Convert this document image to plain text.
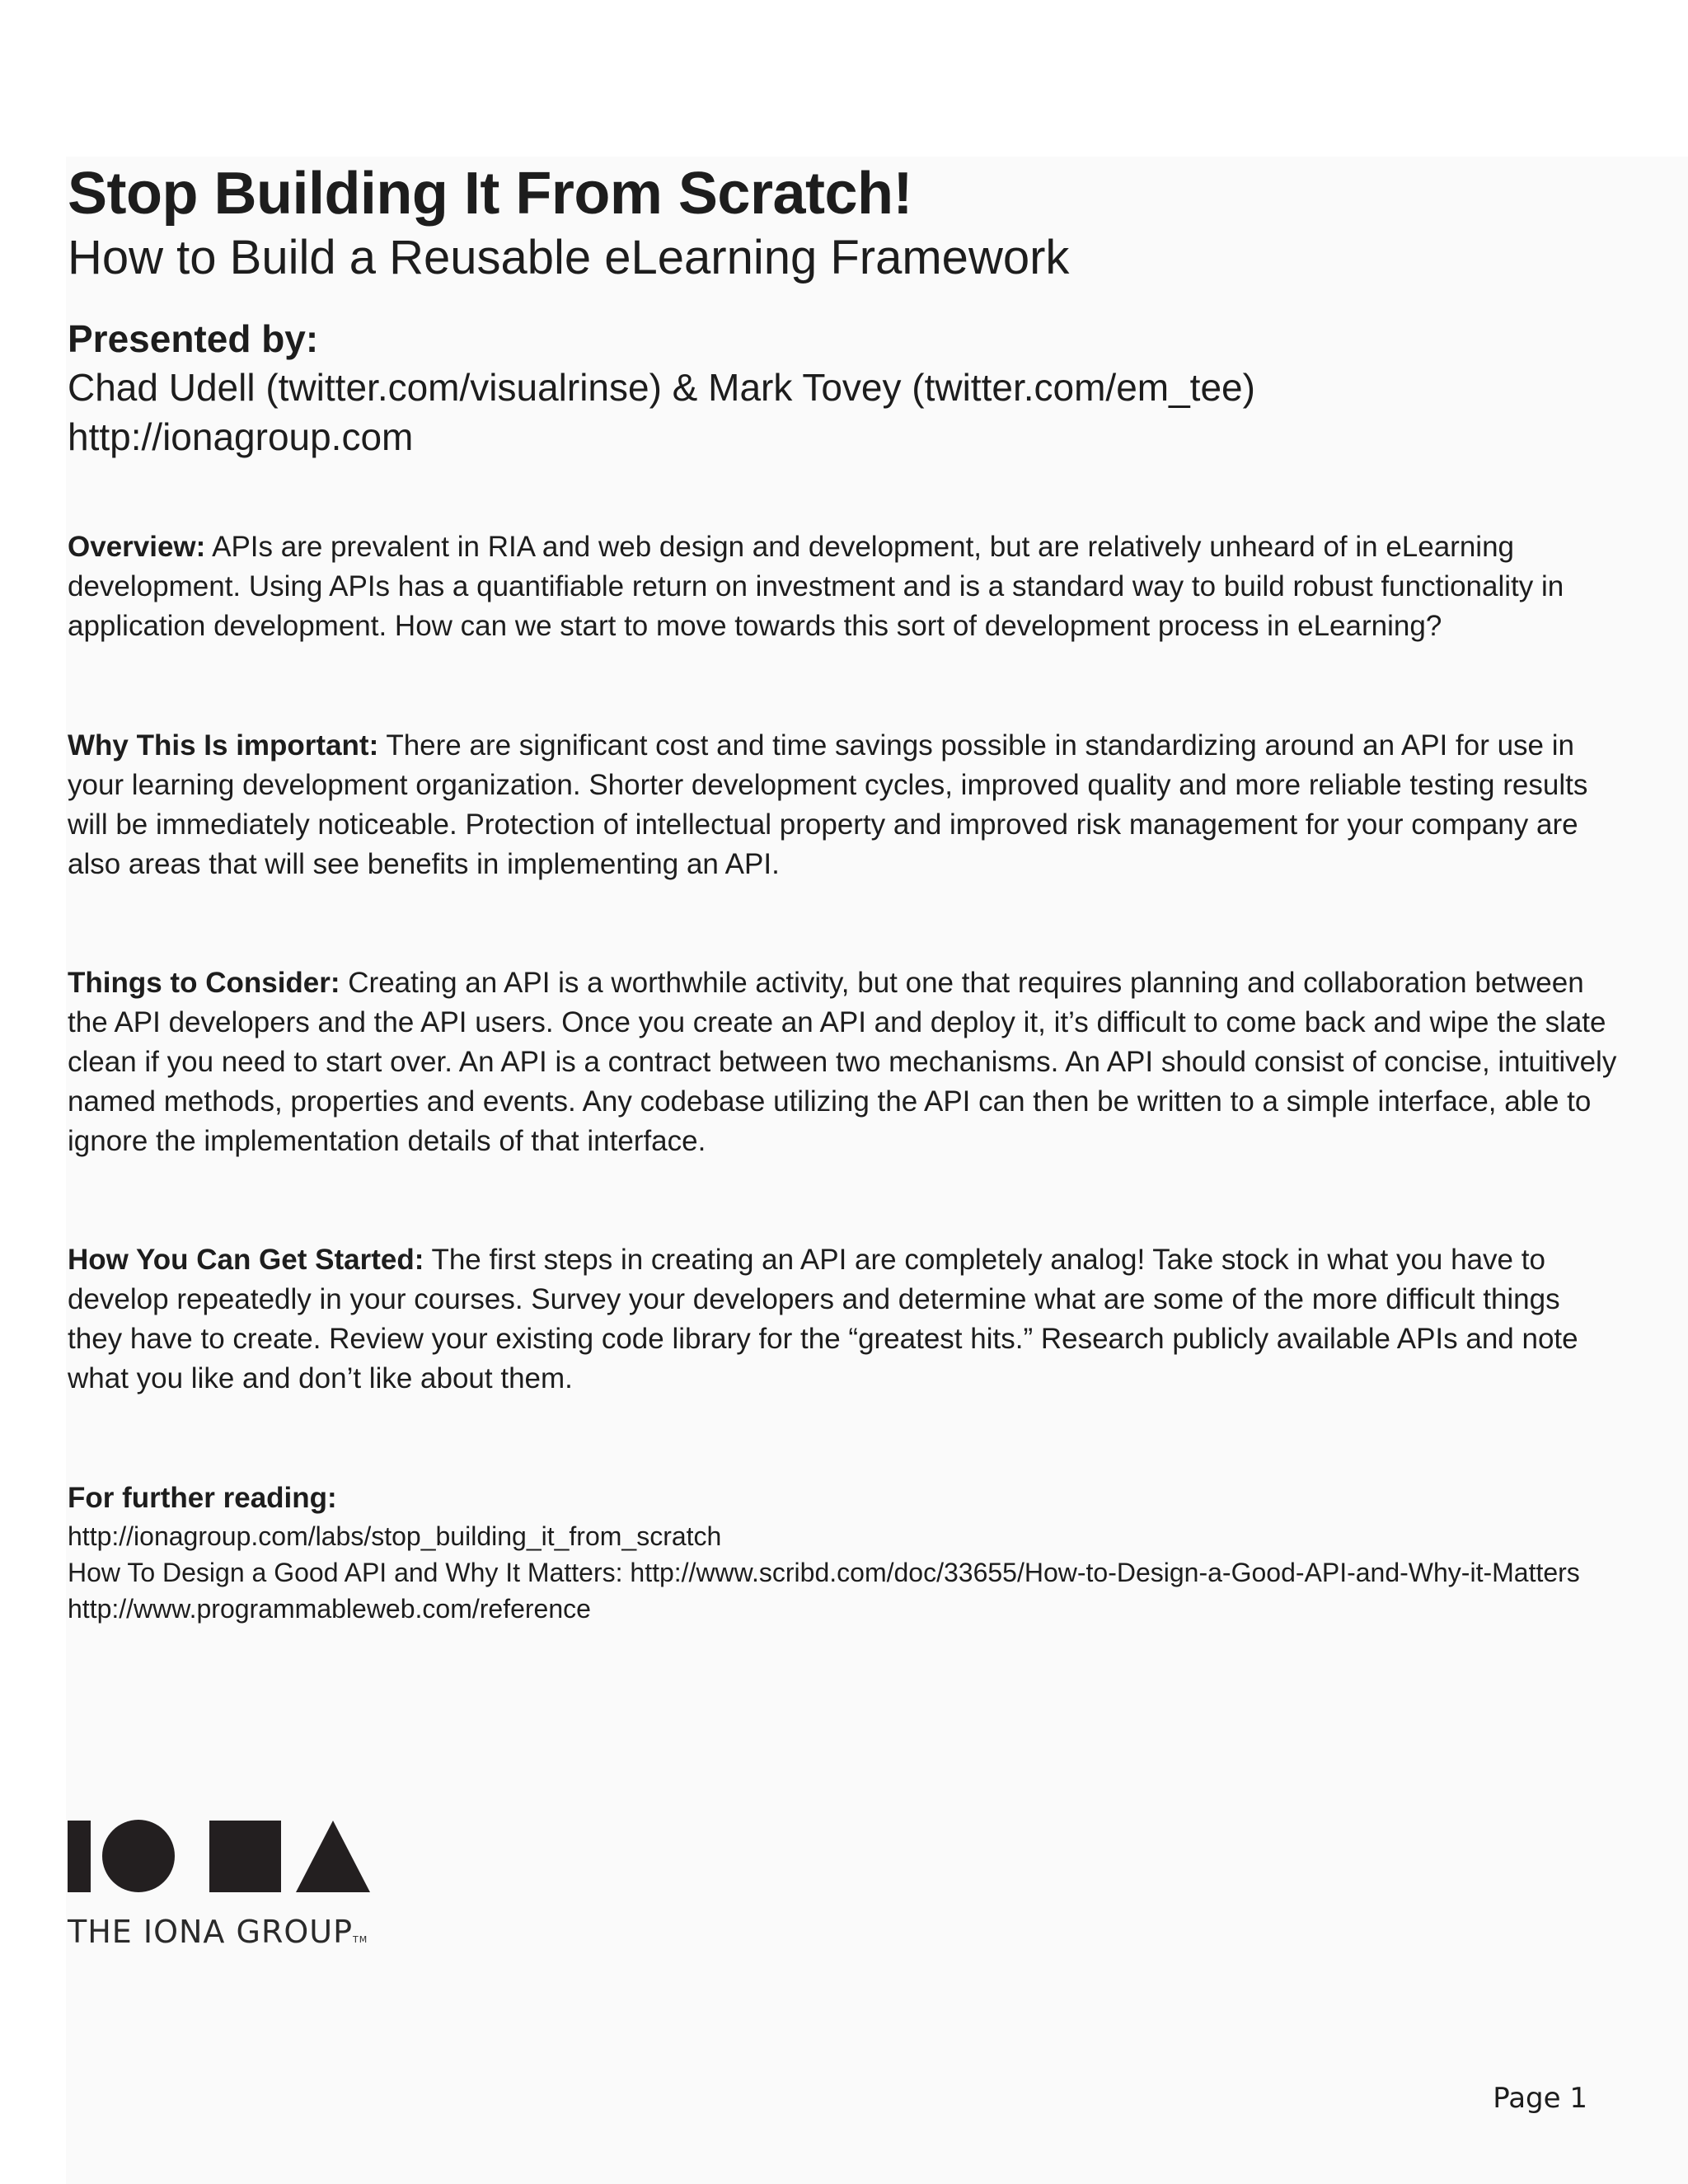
Stop Building It From Scratch!
How to Build a Reusable eLearning Framework

Presented by:

Chad Udell (twitter.com/visualrinse) & Mark Tovey (twitter.com/em_tee)

http://ionagroup.com

Overview: APIs are prevalent in RIA and web design and development, but are relatively unheard of in eLearning development. Using APIs has a quantifiable return on investment and is a standard way to build robust functionality in application development. How can we start to move towards this sort of development process in eLearning?

Why This Is important: There are significant cost and time savings possible in standardizing around an API for use in your learning development organization. Shorter development cycles, improved quality and more reliable testing results will be immediately noticeable. Protection of intellectual property and improved risk management for your company are also areas that will see benefits in implementing an API.

Things to Consider: Creating an API is a worthwhile activity, but one that requires planning and collaboration between the API developers and the API users. Once you create an API and deploy it, it’s difficult to come back and wipe the slate clean if you need to start over. An API is a contract between two mechanisms. An API should consist of concise, intuitively named methods, properties and events. Any codebase utilizing the API can then be written to a simple interface, able to ignore the implementation details of that interface.

How You Can Get Started: The first steps in creating an API are completely analog! Take stock in what you have to develop repeatedly in your courses. Survey your developers and determine what are some of the more difficult things they have to create. Review your existing code library for the “greatest hits.” Research publicly available APIs and note what you like and don’t like about them.

For further reading:

http://ionagroup.com/labs/stop_building_it_from_scratch

How To Design a Good API and Why It Matters: http://www.scribd.com/doc/33655/How-to-Design-a-Good-API-and-Why-it-Matters

http://www.programmableweb.com/reference

THE IONA GROUPTM
Page 1
